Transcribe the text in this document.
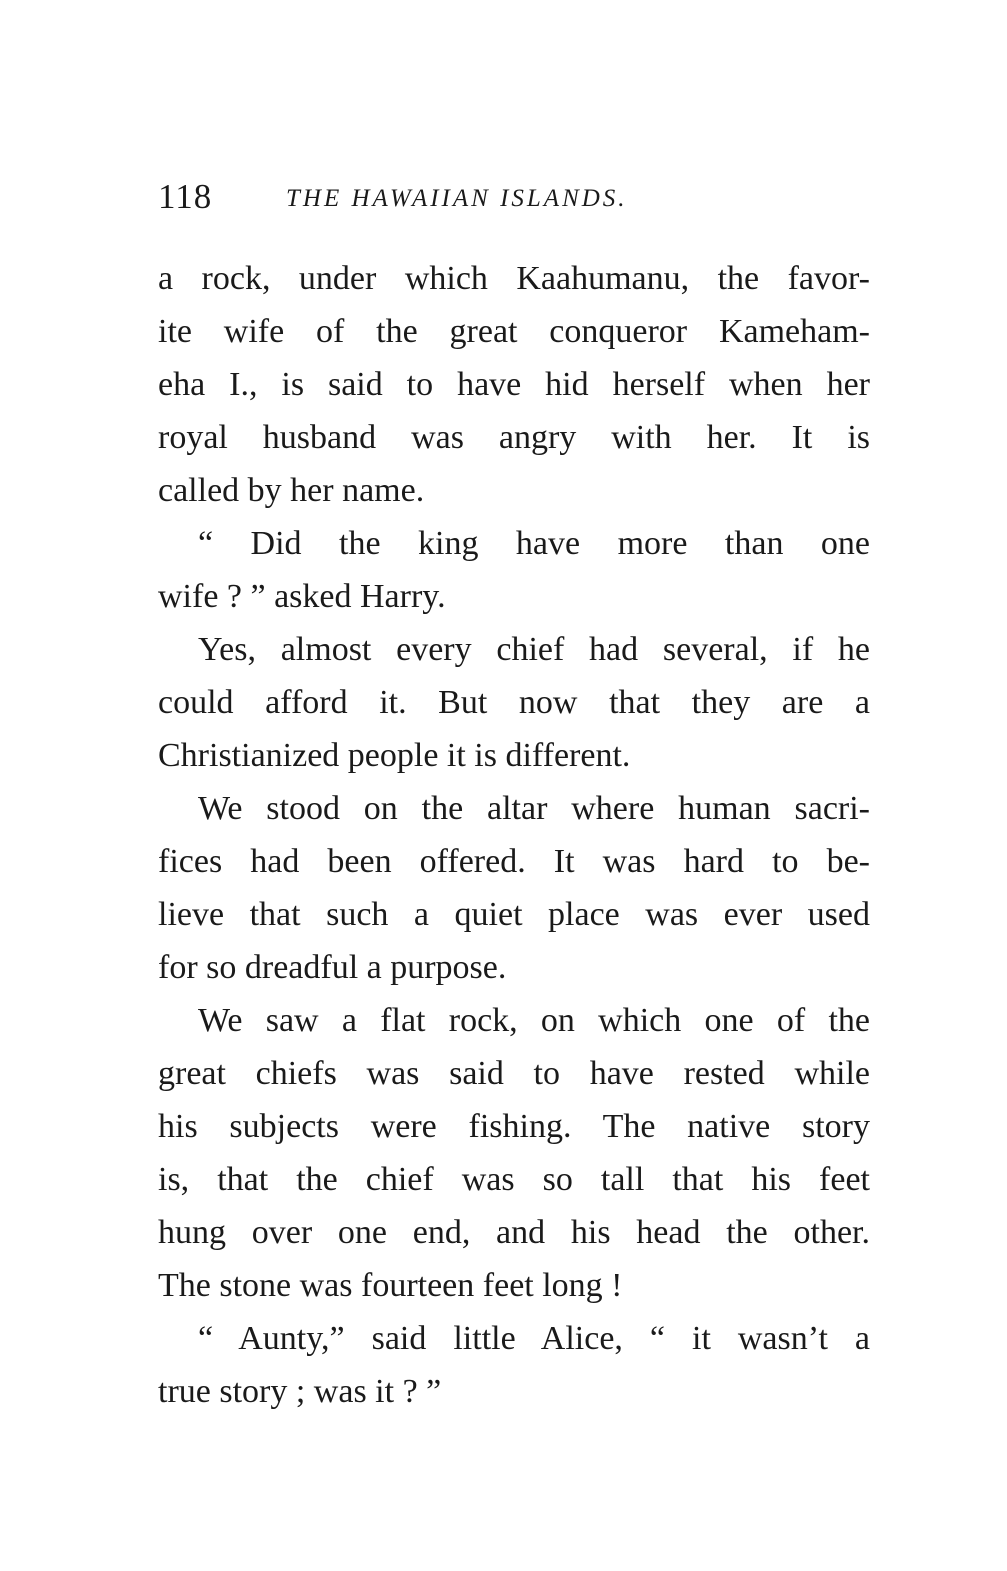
118	THE HAWAIIAN ISLANDS.
a rock, under which Kaahumanu, the favor-
ite wife of the great conqueror Kameham-
eha I., is said to have hid herself when her
royal husband was angry with her. It is
called by her name.
“ Did the king have more than one
wife ? ” asked Harry.
Yes, almost every chief had several, if he
could afford it. But now that they are a
Christianized people it is different.
We stood on the altar where human sacri-
fices had been offered. It was hard to be-
lieve that such a quiet place was ever used
for so dreadful a purpose.
We saw a flat rock, on which one of the
great chiefs was said to have rested while
his subjects were fishing. The native story
is, that the chief was so tall that his feet
hung over one end, and his head the other.
The stone was fourteen feet long !
“ Aunty,” said little Alice, “ it wasn’t a
true story ; was it ? ”
